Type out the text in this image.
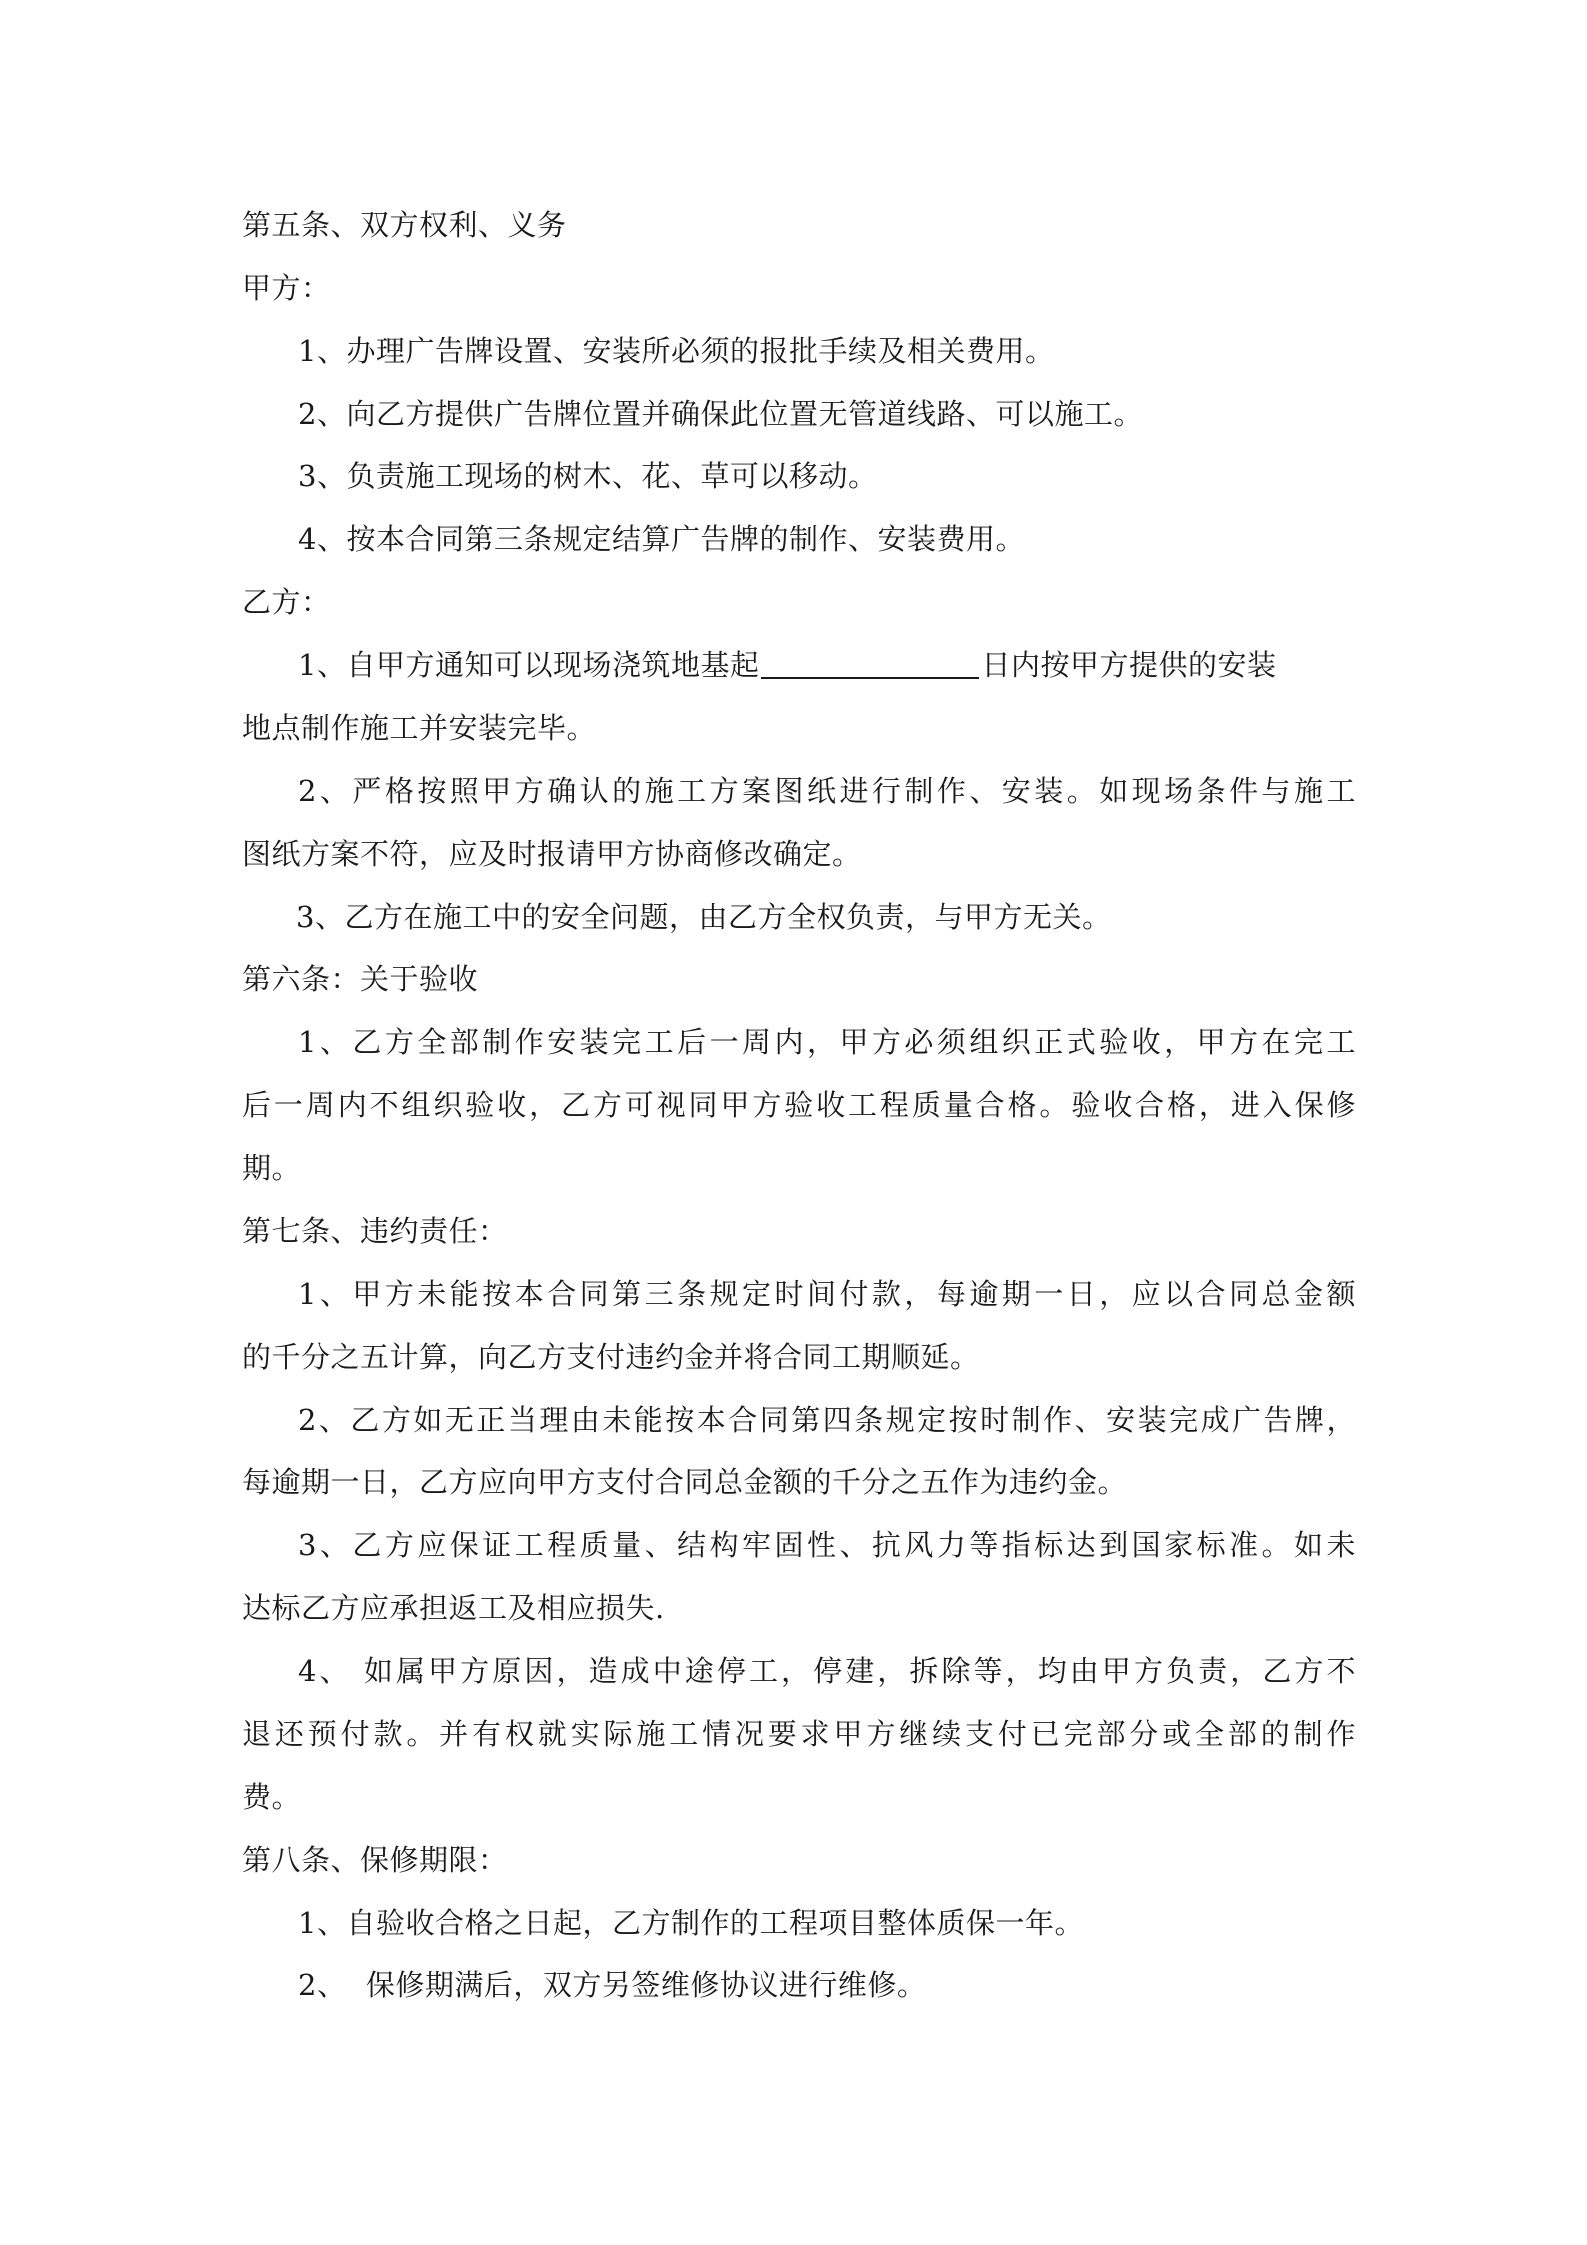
第五条、双方权利、义务
甲方：
1、办理广告牌设置、安装所必须的报批手续及相关费用。
2、向乙方提供广告牌位置并确保此位置无管道线路、可以施工。
3、负责施工现场的树木、花、草可以移动。
4、按本合同第三条规定结算广告牌的制作、安装费用。
乙方：
1、自甲方通知可以现场浇筑地基起	日内按甲方提供的安装
地点制作施工并安装完毕。
2、严格按照甲方确认的施工方案图纸进行制作、安装。如现场条件与施工
图纸方案不符，应及时报请甲方协商修改确定。
3、乙方在施工中的安全问题，由乙方全权负责，与甲方无关。
第六条：关于验收
1、乙方全部制作安装完工后一周内，甲方必须组织正式验收，甲方在完工
后一周内不组织验收，乙方可视同甲方验收工程质量合格。验收合格，进入保修
期。
第七条、违约责任：
1、甲方未能按本合同第三条规定时间付款，每逾期一日，应以合同总金额
的千分之五计算，向乙方支付违约金并将合同工期顺延。
2、乙方如无正当理由未能按本合同第四条规定按时制作、安装完成广告牌，
每逾期一日，乙方应向甲方支付合同总金额的千分之五作为违约金。
3、乙方应保证工程质量、结构牢固性、抗风力等指标达到国家标准。如未
达标乙方应承担返工及相应损失.
4、 如属甲方原因，造成中途停工，停建，拆除等，均由甲方负责，乙方不
退还预付款。并有权就实际施工情况要求甲方继续支付已完部分或全部的制作
费。
第八条、保修期限：
1、自验收合格之日起，乙方制作的工程项目整体质保一年。
2、  保修期满后，双方另签维修协议进行维修。
